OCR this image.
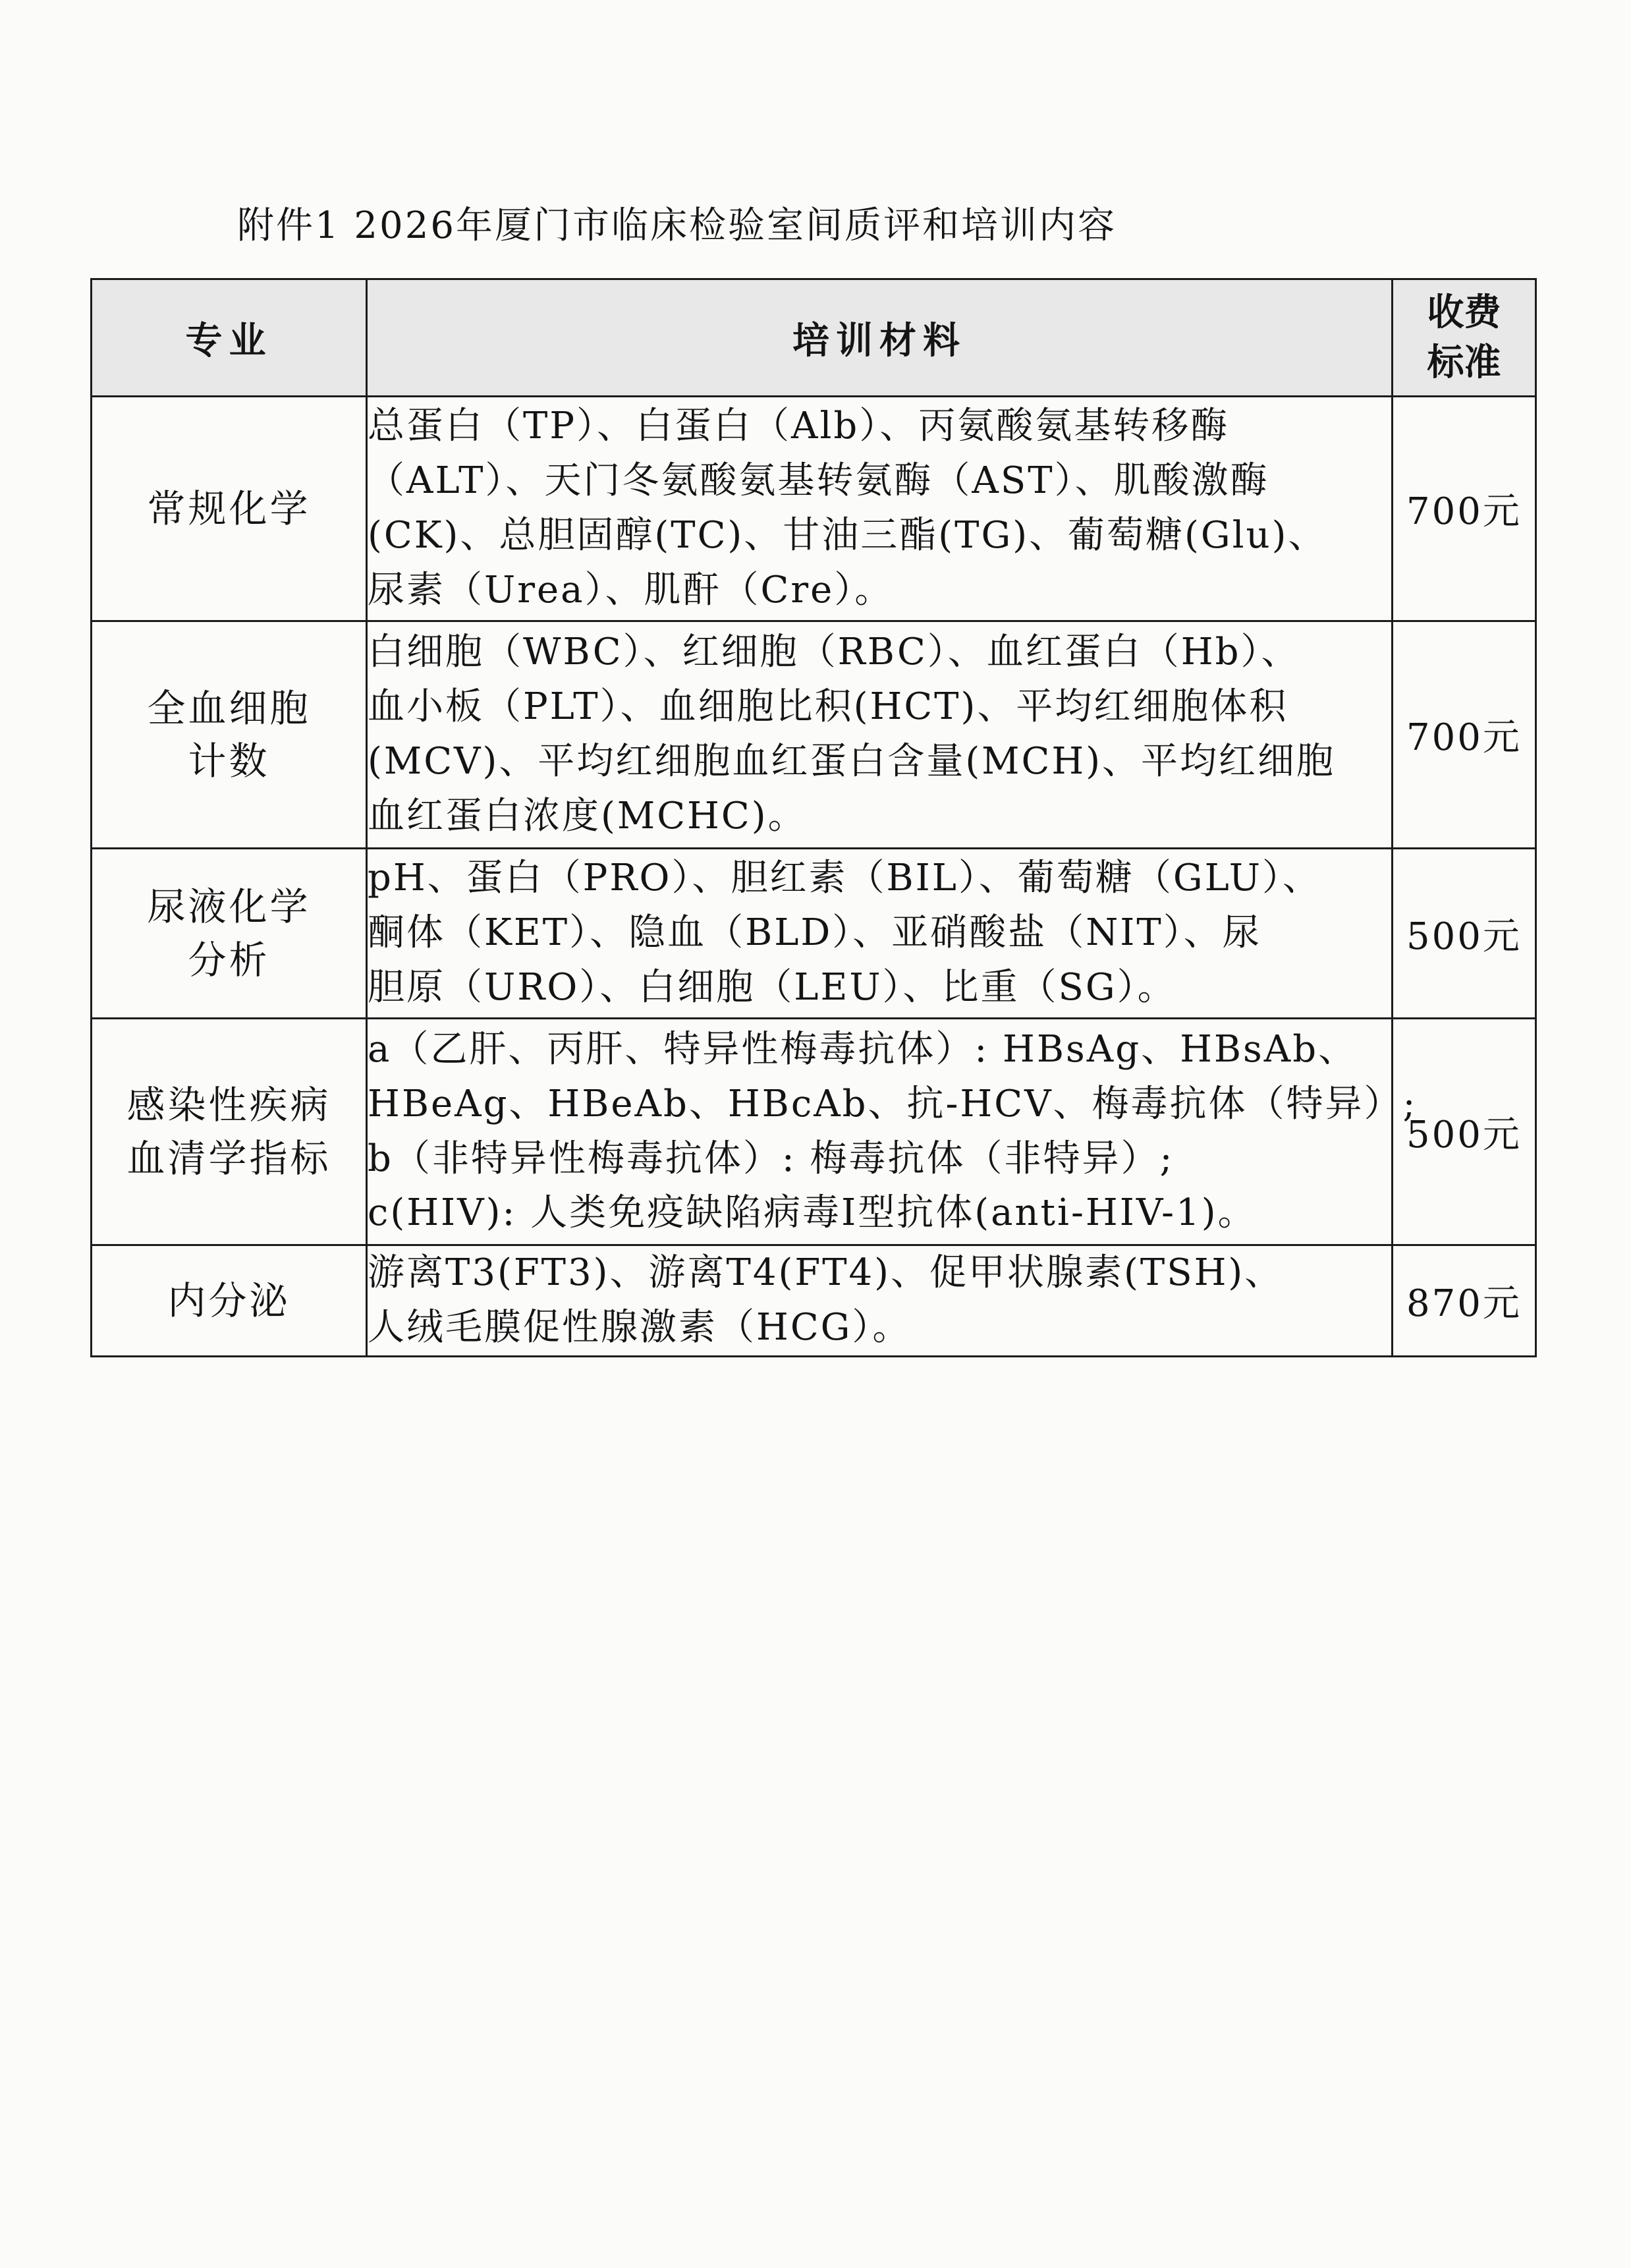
附件1 2026年厦门市临床检验室间质评和培训内容
专业	培训材料	收费
标准

常规化学	总蛋白（TP）、白蛋白（Alb）、丙氨酸氨基转移酶
（ALT）、天门冬氨酸氨基转氨酶（AST）、肌酸激酶
(CK)、总胆固醇(TC)、甘油三酯(TG)、葡萄糖(Glu)、
尿素（Urea）、肌酐（Cre）。	700元

全血细胞
计数	白细胞（WBC）、红细胞（RBC）、血红蛋白（Hb）、
血小板（PLT）、血细胞比积(HCT)、平均红细胞体积
(MCV)、平均红细胞血红蛋白含量(MCH)、平均红细胞
血红蛋白浓度(MCHC)。	700元

尿液化学
分析	pH、蛋白（PRO）、胆红素（BIL）、葡萄糖（GLU）、
酮体（KET）、隐血（BLD）、亚硝酸盐（NIT）、尿
胆原（URO）、白细胞（LEU）、比重（SG）。	500元

感染性疾病
血清学指标	a（乙肝、丙肝、特异性梅毒抗体）: HBsAg、HBsAb、
HBeAg、HBeAb、HBcAb、抗-HCV、梅毒抗体（特异）;
b（非特异性梅毒抗体）: 梅毒抗体（非特异）;
c(HIV): 人类免疫缺陷病毒Ⅰ型抗体(anti-HIV-1)。	500元

内分泌	游离T3(FT3)、游离T4(FT4)、促甲状腺素(TSH)、
人绒毛膜促性腺激素（HCG）。	870元
